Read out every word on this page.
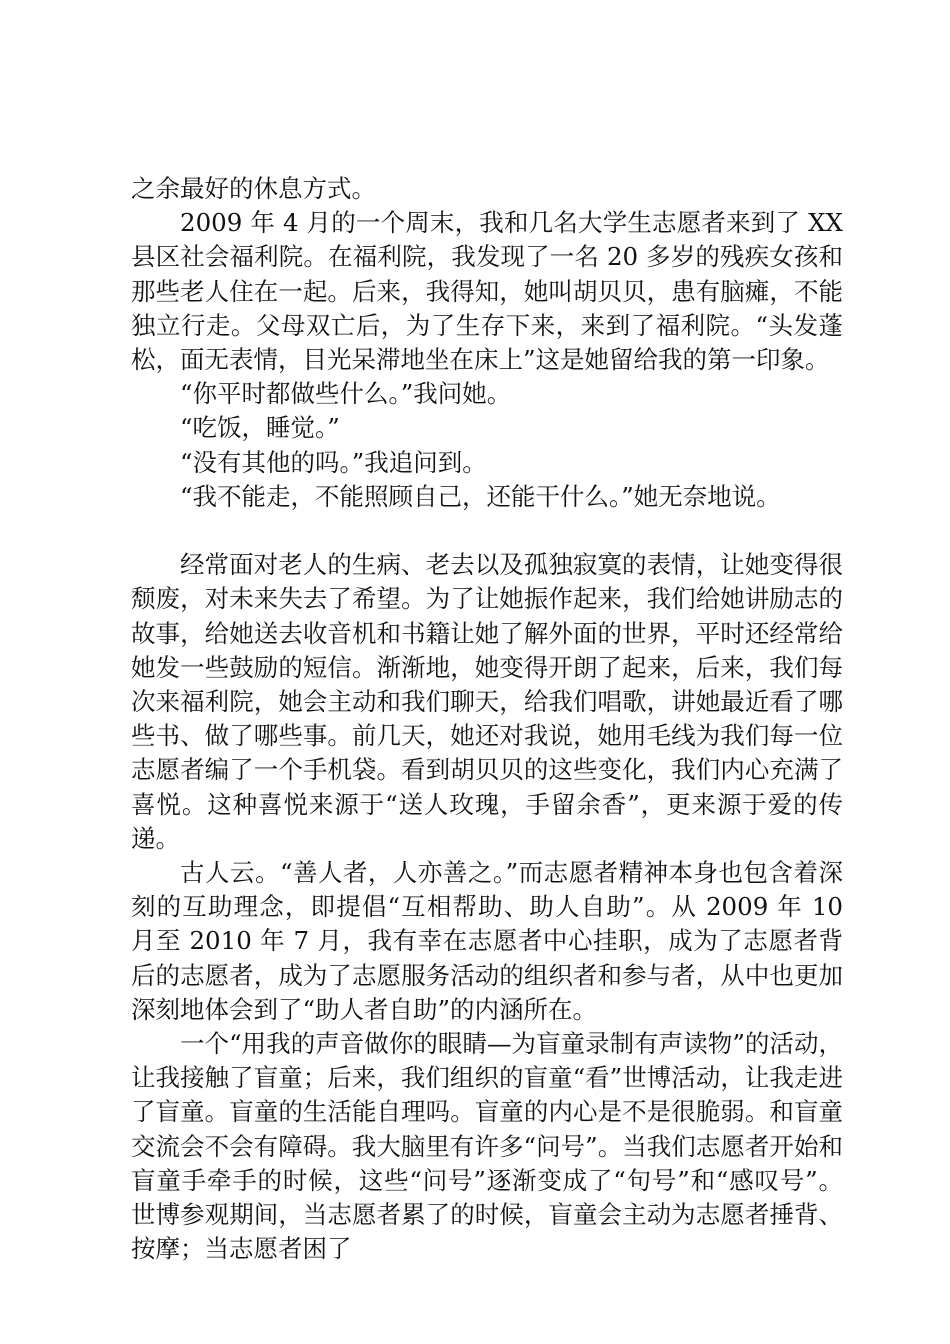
之余最好的休息方式。

2009 年 4 月的一个周末，我和几名大学生志愿者来到了 XX 县区社会福利院。在福利院，我发现了一名 20 多岁的残疾女孩和那些老人住在一起。后来，我得知，她叫胡贝贝，患有脑瘫，不能独立行走。父母双亡后，为了生存下来，来到了福利院。“头发蓬松，面无表情，目光呆滞地坐在床上”这是她留给我的第一印象。

“你平时都做些什么。”我问她。

“吃饭，睡觉。”

“没有其他的吗。”我追问到。

“我不能走，不能照顾自己，还能干什么。”她无奈地说。

经常面对老人的生病、老去以及孤独寂寞的表情，让她变得很颓废，对未来失去了希望。为了让她振作起来，我们给她讲励志的故事，给她送去收音机和书籍让她了解外面的世界，平时还经常给她发一些鼓励的短信。渐渐地，她变得开朗了起来，后来，我们每次来福利院，她会主动和我们聊天，给我们唱歌，讲她最近看了哪些书、做了哪些事。前几天，她还对我说，她用毛线为我们每一位志愿者编了一个手机袋。看到胡贝贝的这些变化，我们内心充满了喜悦。这种喜悦来源于“送人玫瑰，手留余香”，更来源于爱的传递。

古人云。“善人者，人亦善之。”而志愿者精神本身也包含着深刻的互助理念，即提倡“互相帮助、助人自助”。从 2009 年 10 月至 2010 年 7 月，我有幸在志愿者中心挂职，成为了志愿者背后的志愿者，成为了志愿服务活动的组织者和参与者，从中也更加深刻地体会到了“助人者自助”的内涵所在。

一个“用我的声音做你的眼睛—为盲童录制有声读物”的活动，让我接触了盲童；后来，我们组织的盲童“看”世博活动，让我走进了盲童。盲童的生活能自理吗。盲童的内心是不是很脆弱。和盲童交流会不会有障碍。我大脑里有许多“问号”。当我们志愿者开始和盲童手牵手的时候，这些“问号”逐渐变成了“句号”和“感叹号”。世博参观期间，当志愿者累了的时候，盲童会主动为志愿者捶背、按摩；当志愿者困了
